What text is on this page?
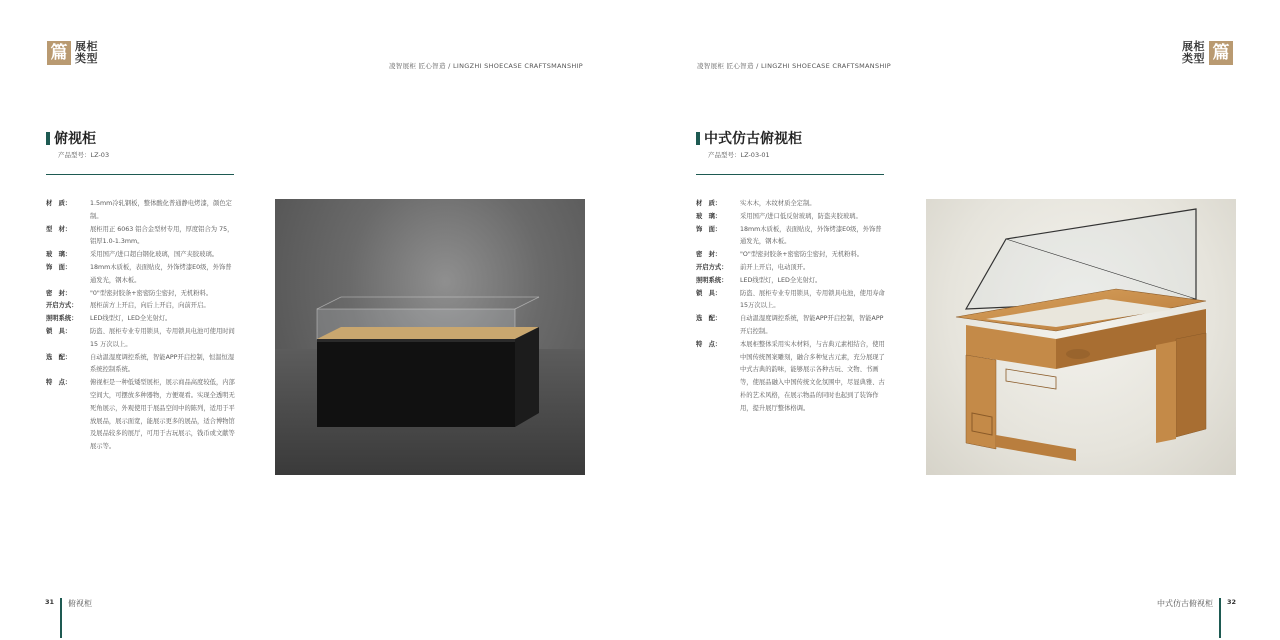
篇 展柜
类型
凌智展柜 匠心智造 / LINGZHI SHOECASE CRAFTSMANSHIP
俯视柜
产品型号：LZ-03
材　质：	1.5mm冷轧钢板，整体酸化普通静电烤漆，颜色定制。
型　材：	展柜用正 6063 铝合金型材专用，厚度铝合为 75，铝厚1.0-1.3mm。
玻　璃：	采用国产/进口超白钢化玻璃，国产夹胶玻璃。
饰　面：	18mm木质板，表面贴皮，外饰烤漆E0级，外饰普通发光，钢木板。
密　封：	"0"型密封胶条+密密防尘密封，无机粉料。
开启方式：	展柜前方上开启，向后上开启，向前开启。
照明系统：	LED线型灯，LED全光射灯。
锁　具：	防盗、展柜专业专用锁具，专用锁具电池可使用时间 15 万次以上。
选　配：	自动温湿度调控系统，智能APP开启控制，恒温恒湿系统控制系统。
特　点：	俯视柜是一种低矮型展柜，展示商品高度较低，内部空间大，可摆放多种器物，方便观看。实现全透明无死角展示，外观使用于展品空间中的陈列，适用于平放展品，展示面宽，能展示更多的展品，适合博物馆及展品较多的展厅，可用于古玩展示，钱币或文献等展示等。
31 俯视柜
篇
展柜
类型
凌智展柜 匠心智造 / LINGZHI SHOECASE CRAFTSMANSHIP
中式仿古俯视柜
产品型号：LZ-03-01
材　质：	实木木，木纹材质全定制。
玻　璃：	采用国产/进口低反射玻璃，防盗夹胶玻璃。
饰　面：	18mm木质板，表面贴皮，外饰烤漆E0级，外饰普通发光，钢木板。
密　封：	"O"型密封胶条+密密防尘密封，无机粉料。
开启方式：	前开上开启，电动顶开。
照明系统：	LED线型灯，LED全光射灯。
锁　具：	防盗、展柜专业专用锁具，专用锁具电池，使用寿命15万次以上。
选　配：	自动温湿度调控系统，智能APP开启控制，智能APP开启控制。
特　点：	本展柜整体采用实木材料，与古典元素相结合，使用中国传统图案雕刻，融合多种复古元素，充分展现了中式古典的韵味，能够展示各种古玩、文物、书画等，使展品融入中国传统文化氛围中，尽显典雅、古朴的艺术风格，在展示物品的同时也起到了装饰作用，提升展厅整体格调。
32
中式仿古俯视柜
